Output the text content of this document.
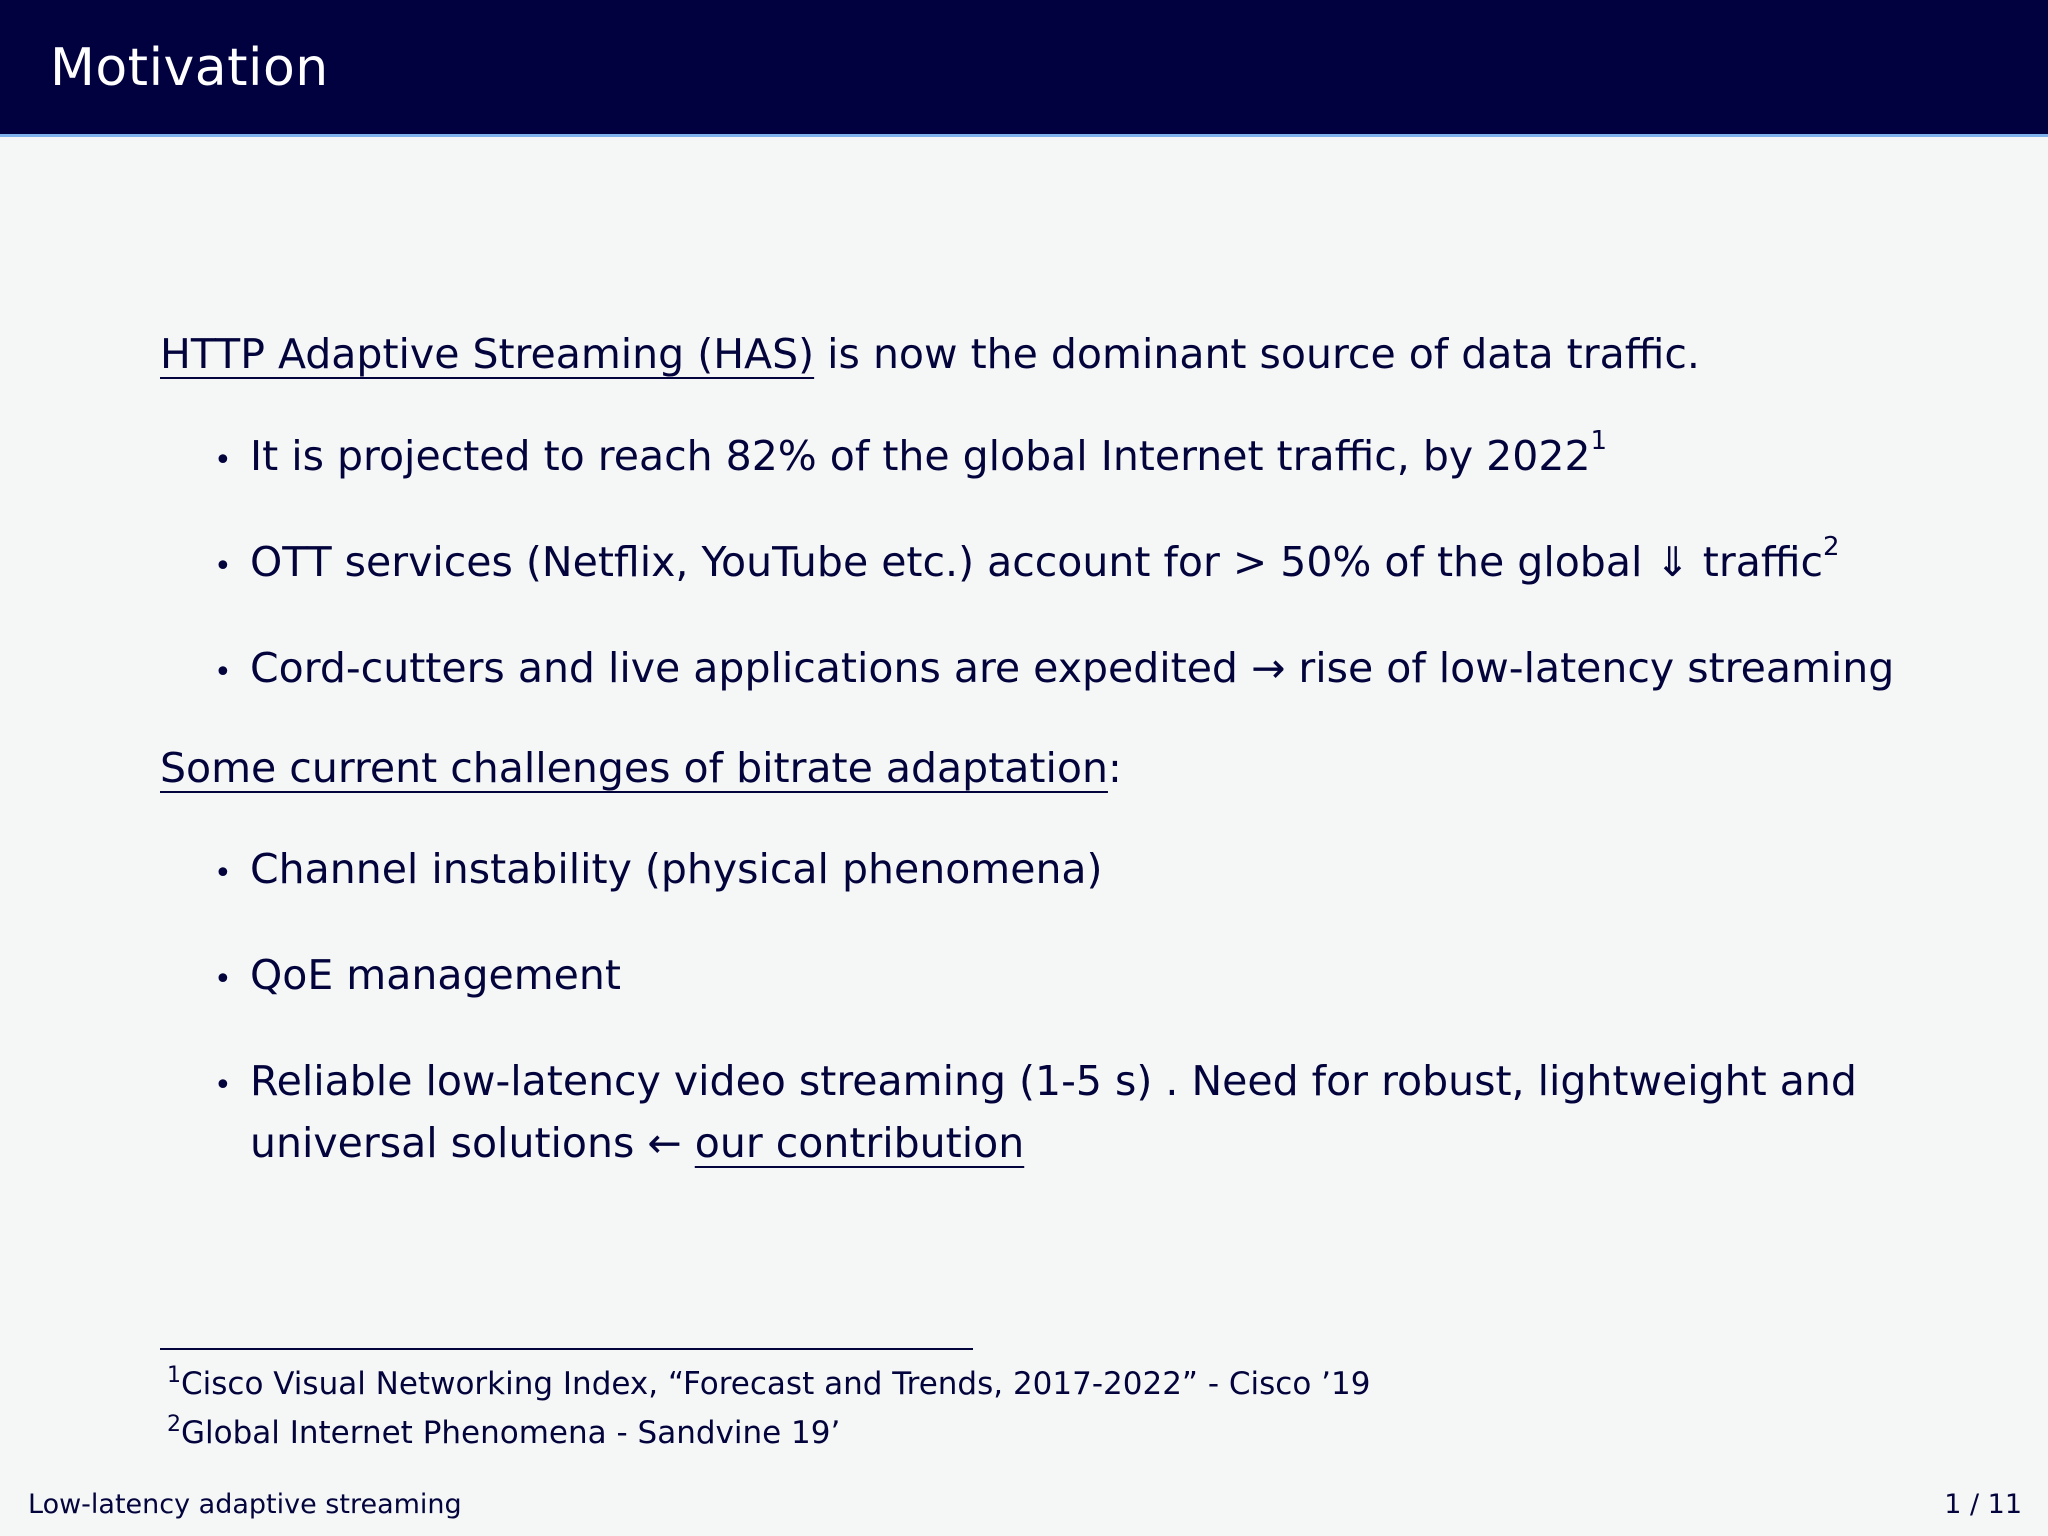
Motivation
HTTP Adaptive Streaming (HAS) is now the dominant source of data traffic.
• It is projected to reach 82% of the global Internet traffic, by 2022$^1$
• OTT services (Netflix, YouTube etc.) account for > 50% of the global ⇓ traffic$^2$
• Cord-cutters and live applications are expedited → rise of low-latency streaming
Some current challenges of bitrate adaptation:
• Channel instability (physical phenomena)
• QoE management
• Reliable low-latency video streaming (1-5 s) . Need for robust, lightweight and
universal solutions ← our contribution
$^1$Cisco Visual Networking Index, “Forecast and Trends, 2017-2022” - Cisco ’19
$^2$Global Internet Phenomena - Sandvine 19’
Low-latency adaptive streaming	1 / 11
